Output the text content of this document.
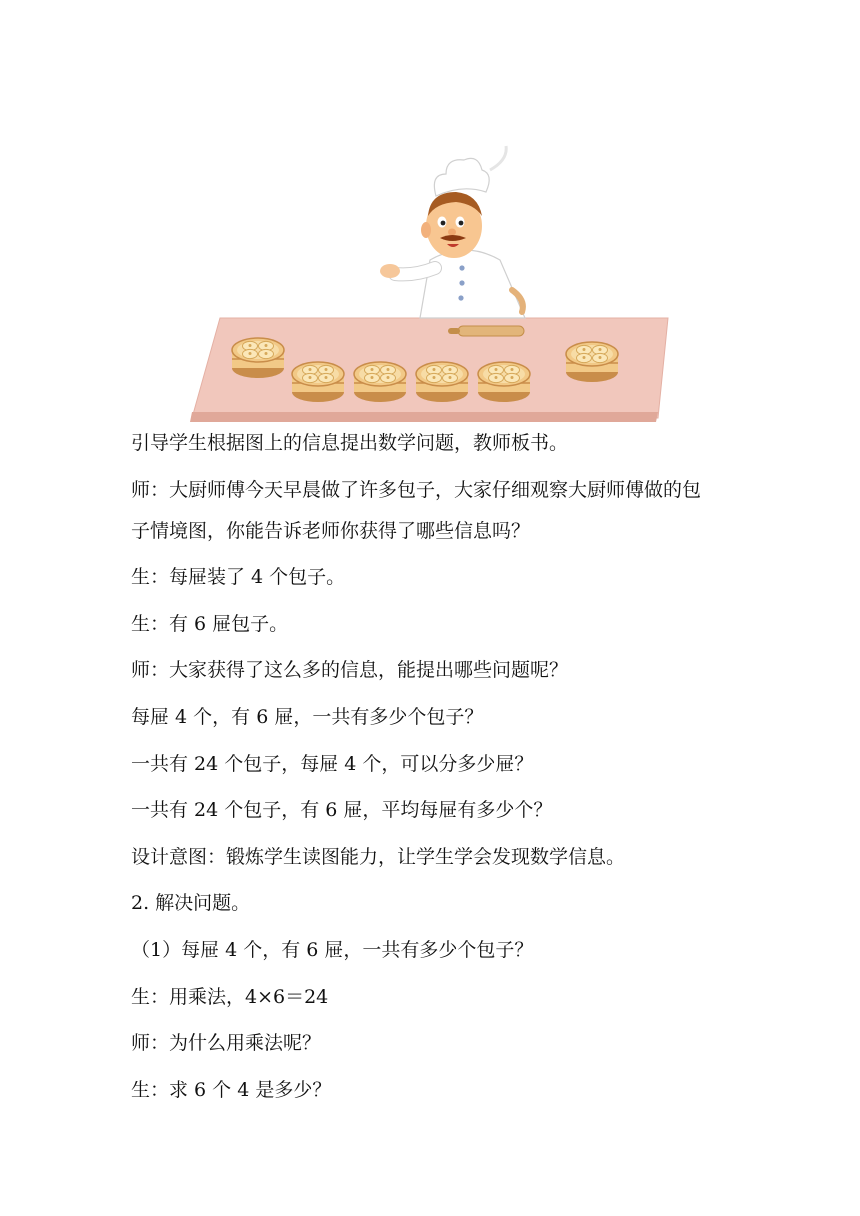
引导学生根据图上的信息提出数学问题，教师板书。
师：大厨师傅今天早晨做了许多包子，大家仔细观察大厨师傅做的包
子情境图，你能告诉老师你获得了哪些信息吗？
生：每屉装了 4 个包子。
生：有 6 屉包子。
师：大家获得了这么多的信息，能提出哪些问题呢？
每屉 4 个，有 6 屉，一共有多少个包子？
一共有 24 个包子，每屉 4 个，可以分多少屉？
一共有 24 个包子，有 6 屉，平均每屉有多少个？
设计意图：锻炼学生读图能力，让学生学会发现数学信息。
2. 解决问题。
（1）每屉 4 个，有 6 屉，一共有多少个包子？
生：用乘法，4×6＝24
师：为什么用乘法呢？
生：求 6 个 4 是多少？
